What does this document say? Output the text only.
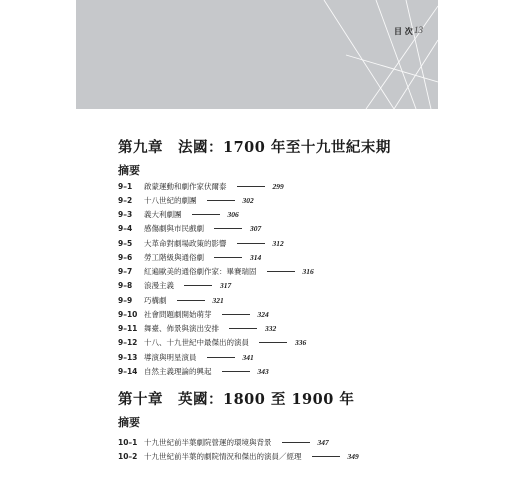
目 次 13
第九章　法國：1700 年至十九世紀末期
摘要
9–1	啟蒙運動和劇作家伏爾泰	299
9–2	十八世紀的劇團	302
9–3	義大利劇團	306
9–4	感傷劇與市民戲劇	307
9–5	大革命對劇場政策的影響	312
9–6	勞工階級與通俗劇	314
9–7	紅遍歐美的通俗劇作家：畢賽瑞固	316
9–8	浪漫主義	317
9–9	巧構劇	321
9–10 社會問題劇開始萌芽	324
9–11 舞臺、佈景與演出安排	332
9–12 十八、十九世紀中最傑出的演員	336
9–13 導演與明星演員	341
9–14 自然主義理論的興起	343
第十章　英國：1800 至 1900 年
摘要
10–1 十九世紀前半葉劇院營運的環境與背景	347
10–2 十九世紀前半葉的劇院情況和傑出的演員／經理	349
